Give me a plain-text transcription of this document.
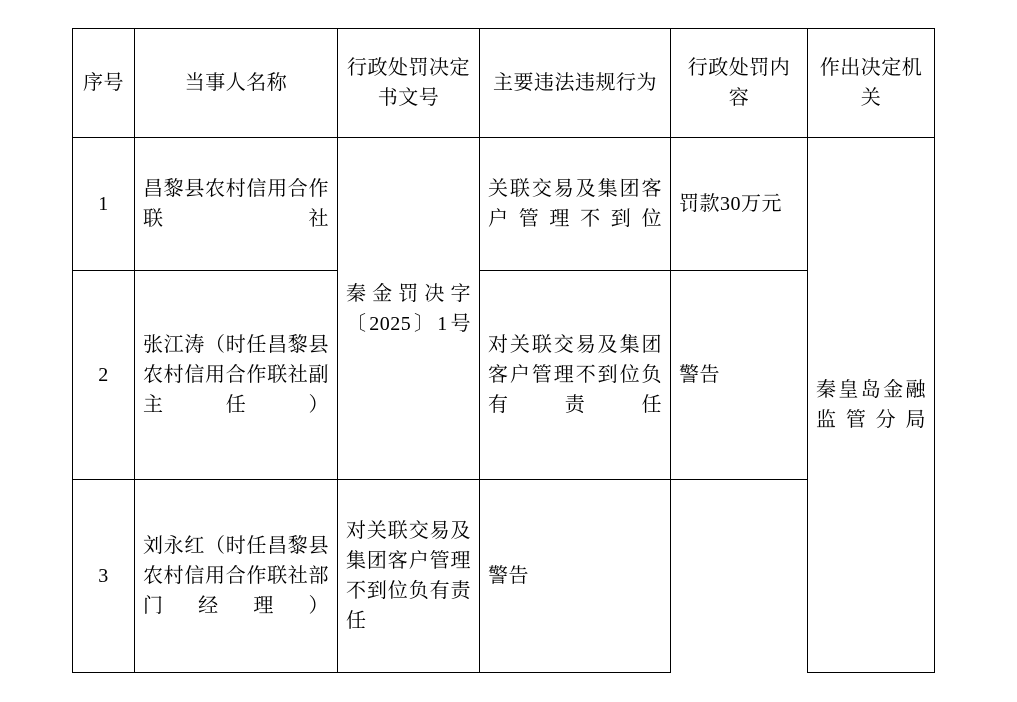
序号	当事人名称	行政处罚决定书文号	主要违法违规行为	行政处罚内容	作出决定机关
1	昌黎县农村信用合作联社	秦金罚决字〔2025〕1号	关联交易及集团客户管理不到位	罚款30万元	秦皇岛金融监管分局
2	张江涛（时任昌黎县农村信用合作联社副主任）		对关联交易及集团客户管理不到位负有责任	警告	
3	刘永红（时任昌黎县农村信用合作联社部门经理）	对关联交易及集团客户管理不到位负有责任	警告		
